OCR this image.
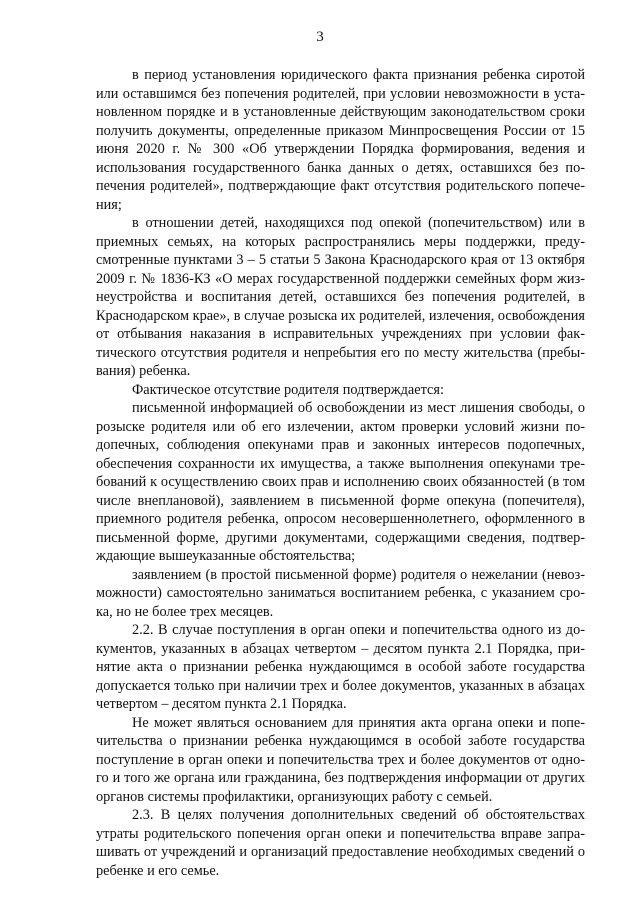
3

в период установления юридического факта признания ребенка сиротой или оставшимся без попечения родителей, при условии невозможности в установленном порядке и в установленные действующим законодательством сроки получить документы, определенные приказом Минпросвещения России от 15 июня 2020 г. № 300 «Об утверждении Порядка формирования, ведения и использования государственного банка данных о детях, оставшихся без попечения родителей», подтверждающие факт отсутствия родительского попечения;

в отношении детей, находящихся под опекой (попечительством) или в приемных семьях, на которых распространялись меры поддержки, предусмотренные пунктами 3 – 5 статьи 5 Закона Краснодарского края от 13 октября 2009 г. № 1836-КЗ «О мерах государственной поддержки семейных форм жизнеустройства и воспитания детей, оставшихся без попечения родителей, в Краснодарском крае», в случае розыска их родителей, излечения, освобождения от отбывания наказания в исправительных учреждениях при условии фактического отсутствия родителя и непребытия его по месту жительства (пребывания) ребенка.

Фактическое отсутствие родителя подтверждается:

письменной информацией об освобождении из мест лишения свободы, о розыске родителя или об его излечении, актом проверки условий жизни подопечных, соблюдения опекунами прав и законных интересов подопечных, обеспечения сохранности их имущества, а также выполнения опекунами требований к осуществлению своих прав и исполнению своих обязанностей (в том числе внеплановой), заявлением в письменной форме опекуна (попечителя), приемного родителя ребенка, опросом несовершеннолетнего, оформленного в письменной форме, другими документами, содержащими сведения, подтверждающие вышеуказанные обстоятельства;

заявлением (в простой письменной форме) родителя о нежелании (невозможности) самостоятельно заниматься воспитанием ребенка, с указанием срока, но не более трех месяцев.

2.2. В случае поступления в орган опеки и попечительства одного из документов, указанных в абзацах четвертом – десятом пункта 2.1 Порядка, принятие акта о признании ребенка нуждающимся в особой заботе государства допускается только при наличии трех и более документов, указанных в абзацах четвертом – десятом пункта 2.1 Порядка.

Не может являться основанием для принятия акта органа опеки и попечительства о признании ребенка нуждающимся в особой заботе государства поступление в орган опеки и попечительства трех и более документов от одного и того же органа или гражданина, без подтверждения информации от других органов системы профилактики, организующих работу с семьей.

2.3. В целях получения дополнительных сведений об обстоятельствах утраты родительского попечения орган опеки и попечительства вправе запрашивать от учреждений и организаций предоставление необходимых сведений о ребенке и его семье.
